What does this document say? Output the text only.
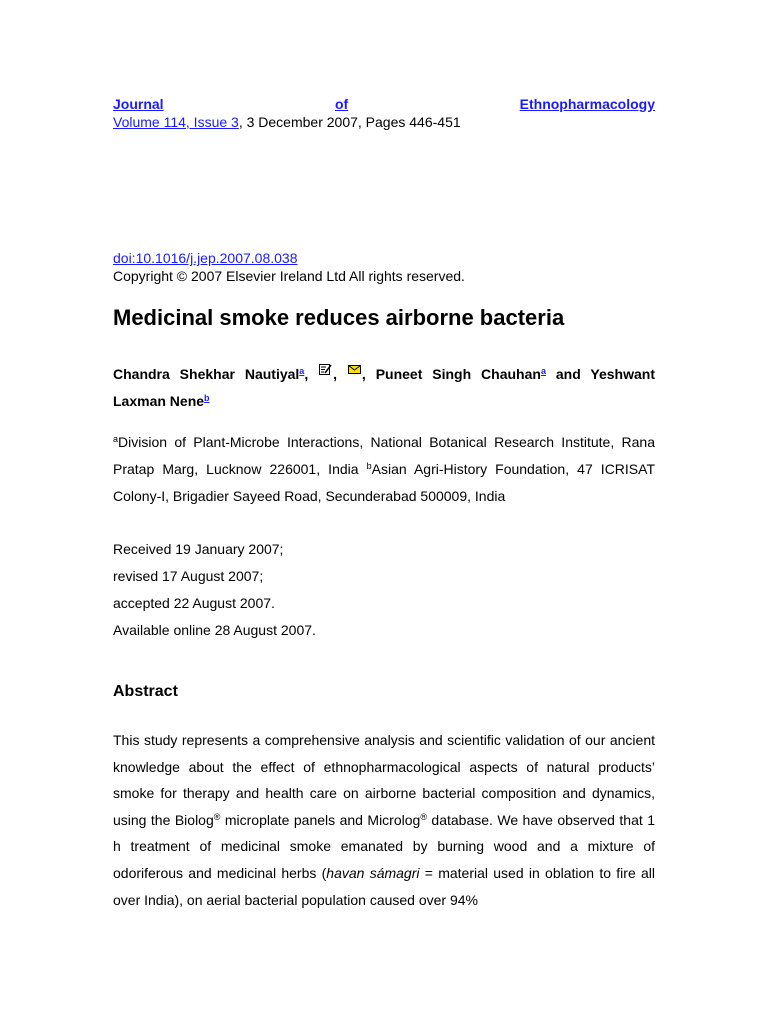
Journal	of	Ethnopharmacology
Volume 114, Issue 3, 3 December 2007, Pages 446-451
doi:10.1016/j.jep.2007.08.038
Copyright © 2007 Elsevier Ireland Ltd All rights reserved.
Medicinal smoke reduces airborne bacteria
Chandra Shekhar Nautiyal$^a$, , , Puneet Singh Chauhan$^a$ and Yeshwant Laxman Nene$^b$
$^a$Division of Plant-Microbe Interactions, National Botanical Research Institute, Rana Pratap Marg, Lucknow 226001, India $^b$Asian Agri-History Foundation, 47 ICRISAT Colony-I, Brigadier Sayeed Road, Secunderabad 500009, India
Received 19 January 2007;
revised 17 August 2007;
accepted 22 August 2007.
Available online 28 August 2007.
Abstract
This study represents a comprehensive analysis and scientific validation of our ancient knowledge about the effect of ethnopharmacological aspects of natural products’ smoke for therapy and health care on airborne bacterial composition and dynamics, using the Biolog® microplate panels and Microlog® database. We have observed that 1 h treatment of medicinal smoke emanated by burning wood and a mixture of odoriferous and medicinal herbs (havan sámagri = material used in oblation to fire all over India), on aerial bacterial population caused over 94%
